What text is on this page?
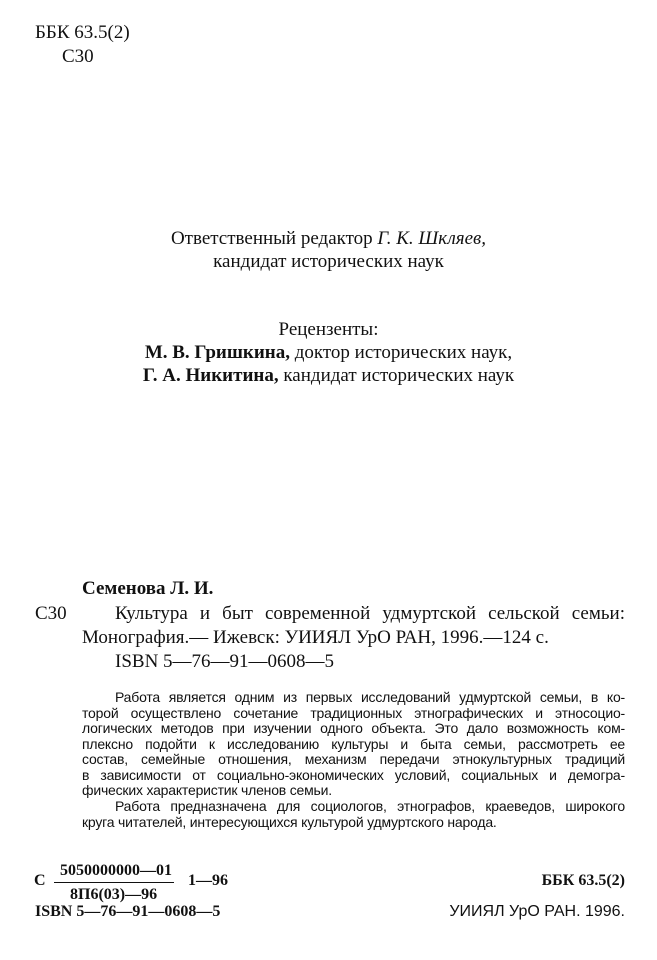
ББК 63.5(2)
С30
Ответственный редактор Г. К. Шкляев,
кандидат исторических наук
Рецензенты:
М. В. Гришкина, доктор исторических наук,
Г. А. Никитина, кандидат исторических наук
Семенова Л. И.
С30	Культура и быт современной удмуртской сельской семьи:
Монография.— Ижевск: УИИЯЛ УрО РАН, 1996.—124 с.
ISBN 5—76—91—0608—5
Работа является одним из первых исследований удмуртской семьи, в ко-
торой осуществлено сочетание традиционных этнографических и этносоцио-
логических методов при изучении одного объекта. Это дало возможность ком-
плексно подойти к исследованию культуры и быта семьи, рассмотреть ее
состав, семейные отношения, механизм передачи этнокультурных традиций
в зависимости от социально-экономических условий, социальных и демогра-
фических характеристик членов семьи.
Работа предназначена для социологов, этнографов, краеведов, широкого
круга читателей, интересующихся культурой удмуртского народа.
С
5050000000—01
8П6(03)—96
1—96	ББК 63.5(2)
ISBN 5—76—91—0608—5	УИИЯЛ УрО РАН. 1996.
